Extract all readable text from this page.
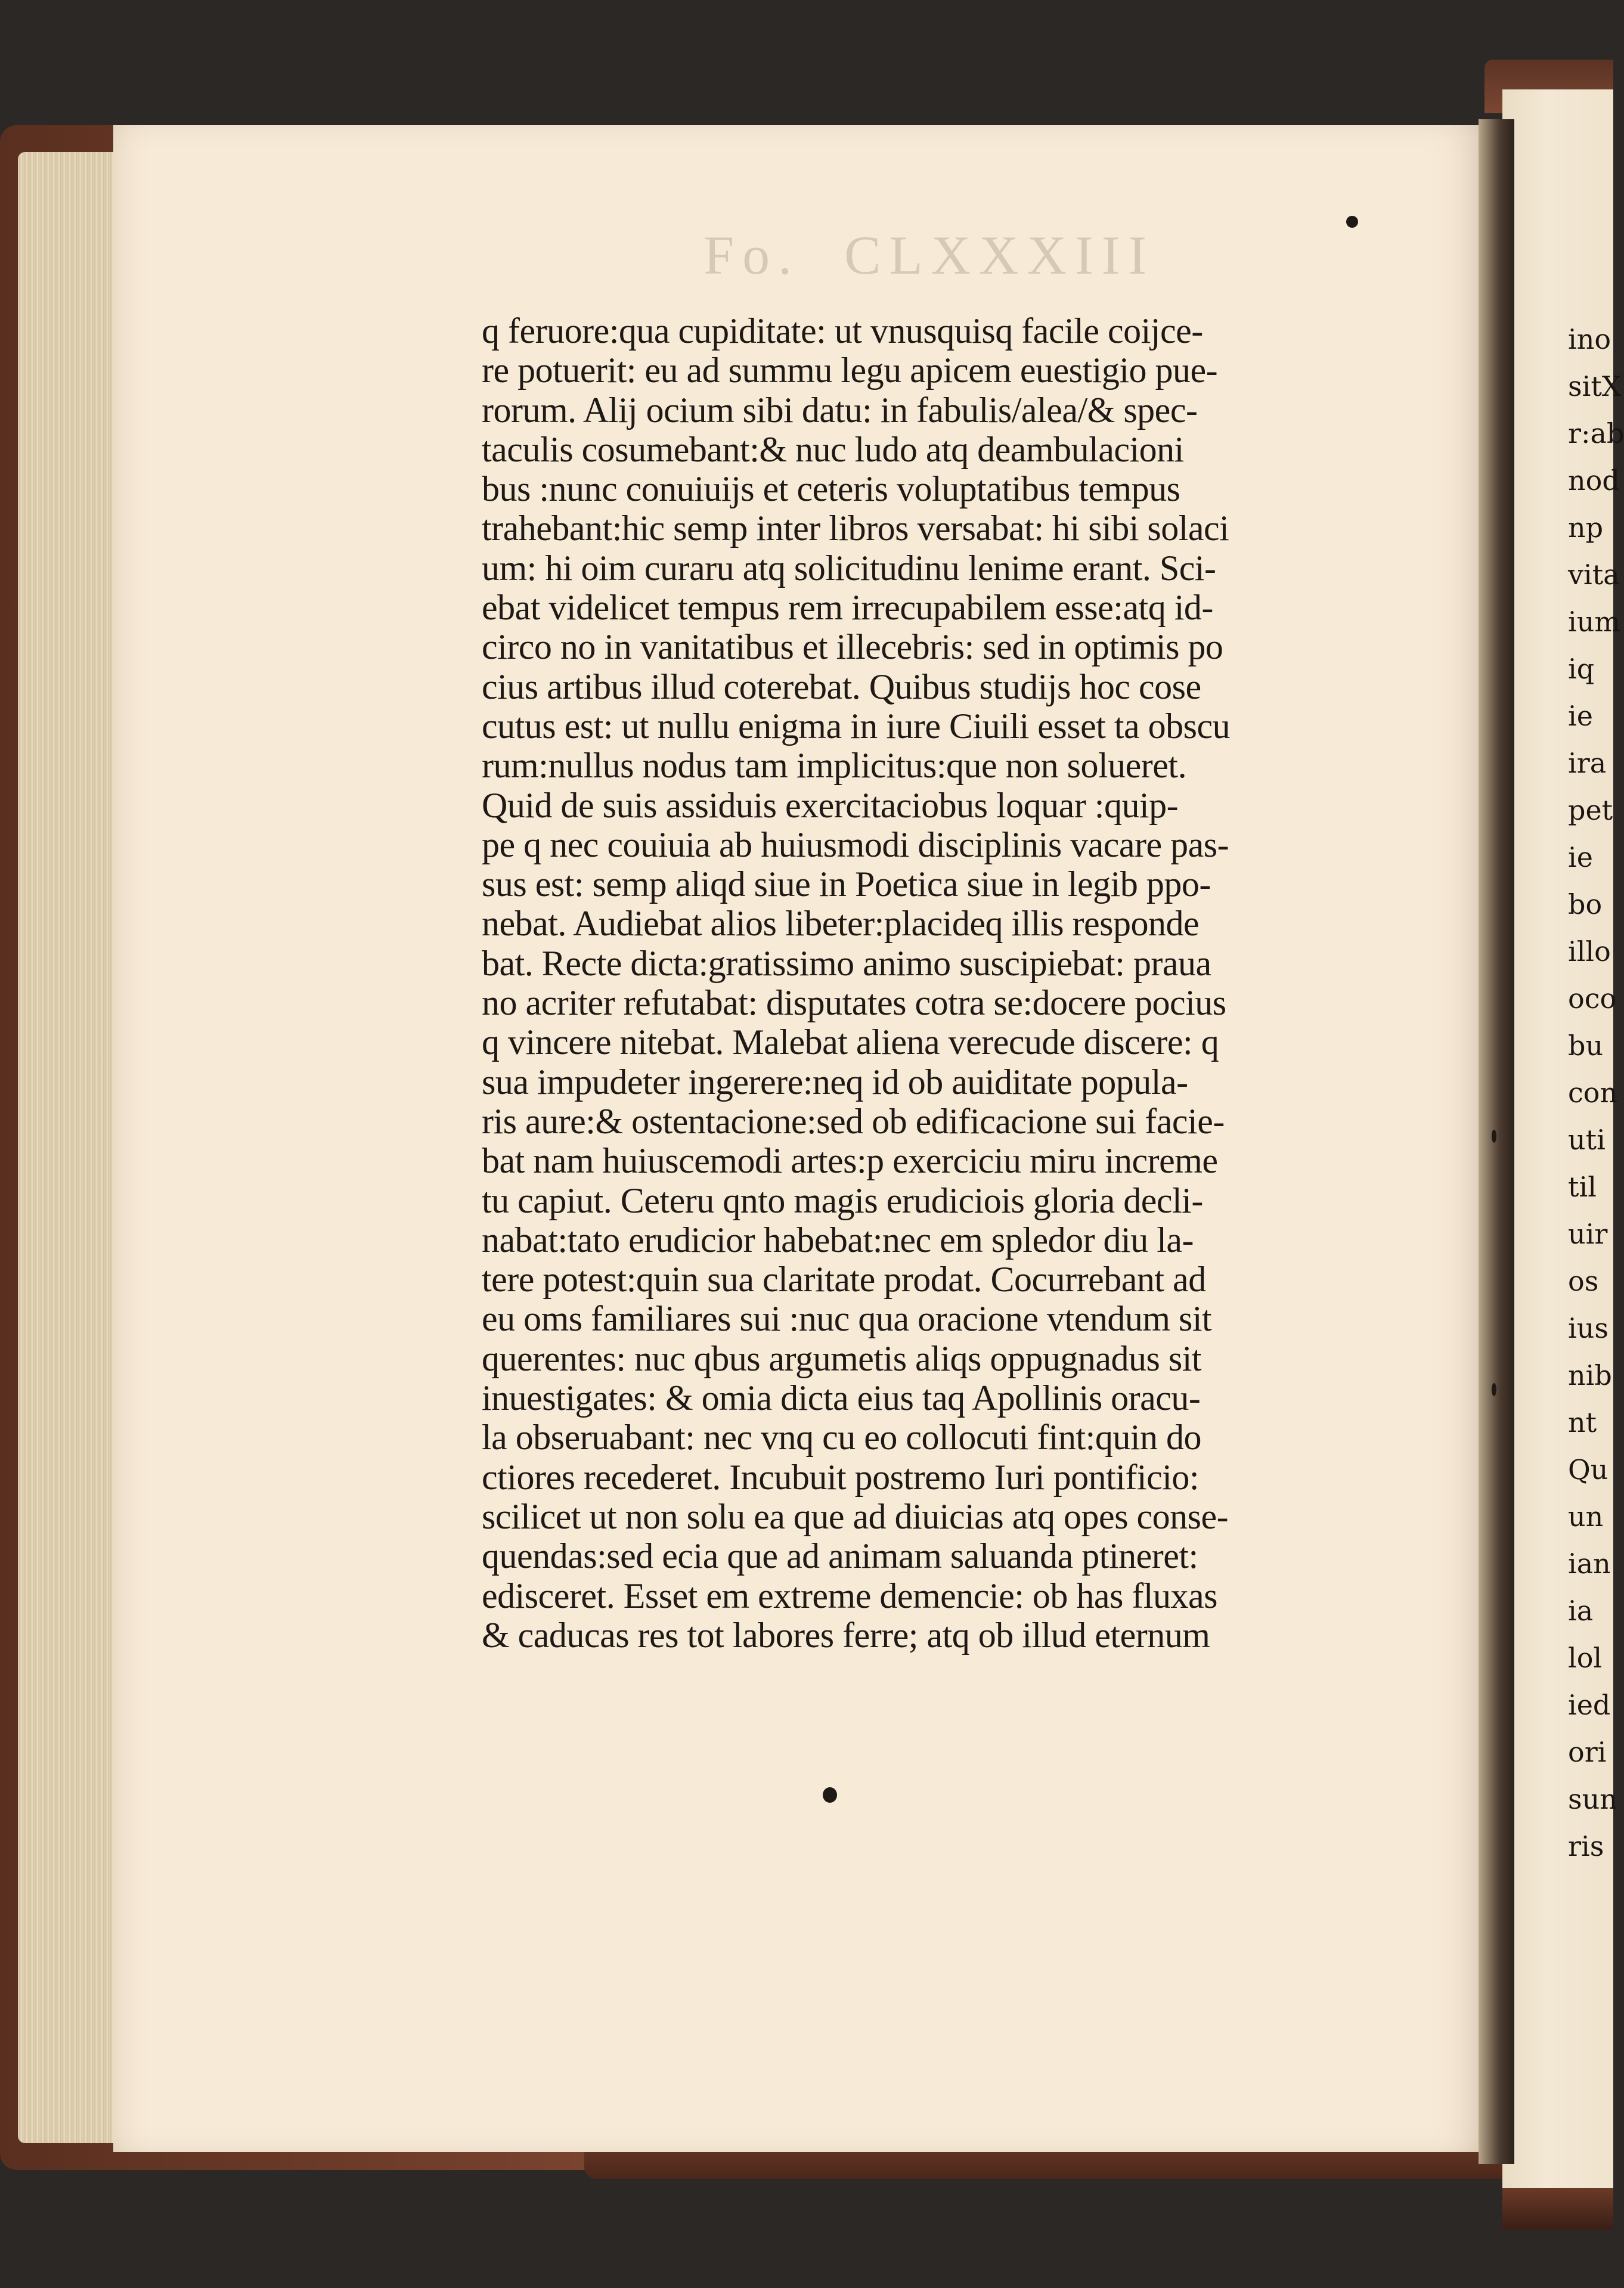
Fo.  CLXXXIII
q feruore:qua cupiditate: ut vnusquisq facile coijce-
re potuerit: eu ad summu legu apicem euestigio pue-
rorum. Alij ocium sibi datu: in fabulis/alea/& spec-
taculis cosumebant:& nuc ludo atq deambulacioni
bus :nunc conuiuijs et ceteris voluptatibus tempus
trahebant:hic semp inter libros versabat: hi sibi solaci
um: hi oim curaru atq solicitudinu lenime erant. Sci-
ebat videlicet tempus rem irrecupabilem esse:atq id-
circo no in vanitatibus et illecebris: sed in optimis po
cius artibus illud coterebat. Quibus studijs hoc cose
cutus est: ut nullu enigma in iure Ciuili esset ta obscu
rum:nullus nodus tam implicitus:que non solueret.
Quid de suis assiduis exercitaciobus loquar :quip-
pe q nec couiuia ab huiusmodi disciplinis vacare pas-
sus est: semp aliqd siue in Poetica siue in legib ppo-
nebat. Audiebat alios libeter:placideq illis responde
bat. Recte dicta:gratissimo animo suscipiebat: praua
no acriter refutabat: disputates cotra se:docere pocius
q vincere nitebat. Malebat aliena verecude discere: q
sua impudeter ingerere:neq id ob auiditate popula-
ris aure:& ostentacione:sed ob edificacione sui facie-
bat nam huiuscemodi artes:p exerciciu miru increme
tu capiut. Ceteru qnto magis erudiciois gloria decli-
nabat:tato erudicior habebat:nec em spledor diu la-
tere potest:quin sua claritate prodat. Cocurrebant ad
eu oms familiares sui :nuc qua oracione vtendum sit
querentes: nuc qbus argumetis aliqs oppugnadus sit
inuestigates: & omia dicta eius taq Apollinis oracu-
la obseruabant: nec vnq cu eo collocuti fint:quin do
ctiores recederet. Incubuit postremo Iuri pontificio:
scilicet ut non solu ea que ad diuicias atq opes conse-
quendas:sed ecia que ad animam saluanda ptineret:
edisceret. Esset em extreme demencie: ob has fluxas
& caducas res tot labores ferre; atq ob illud eternum
ino
sitX
r:ab
nod
np
vita
ium
iq
ie
ira
pet
ie
bo
illo
oco
bu
con
uti
til
uir
os
ius
nib
nt
Qu
un
ian
ia
lol
ied
ori
sun
ris
